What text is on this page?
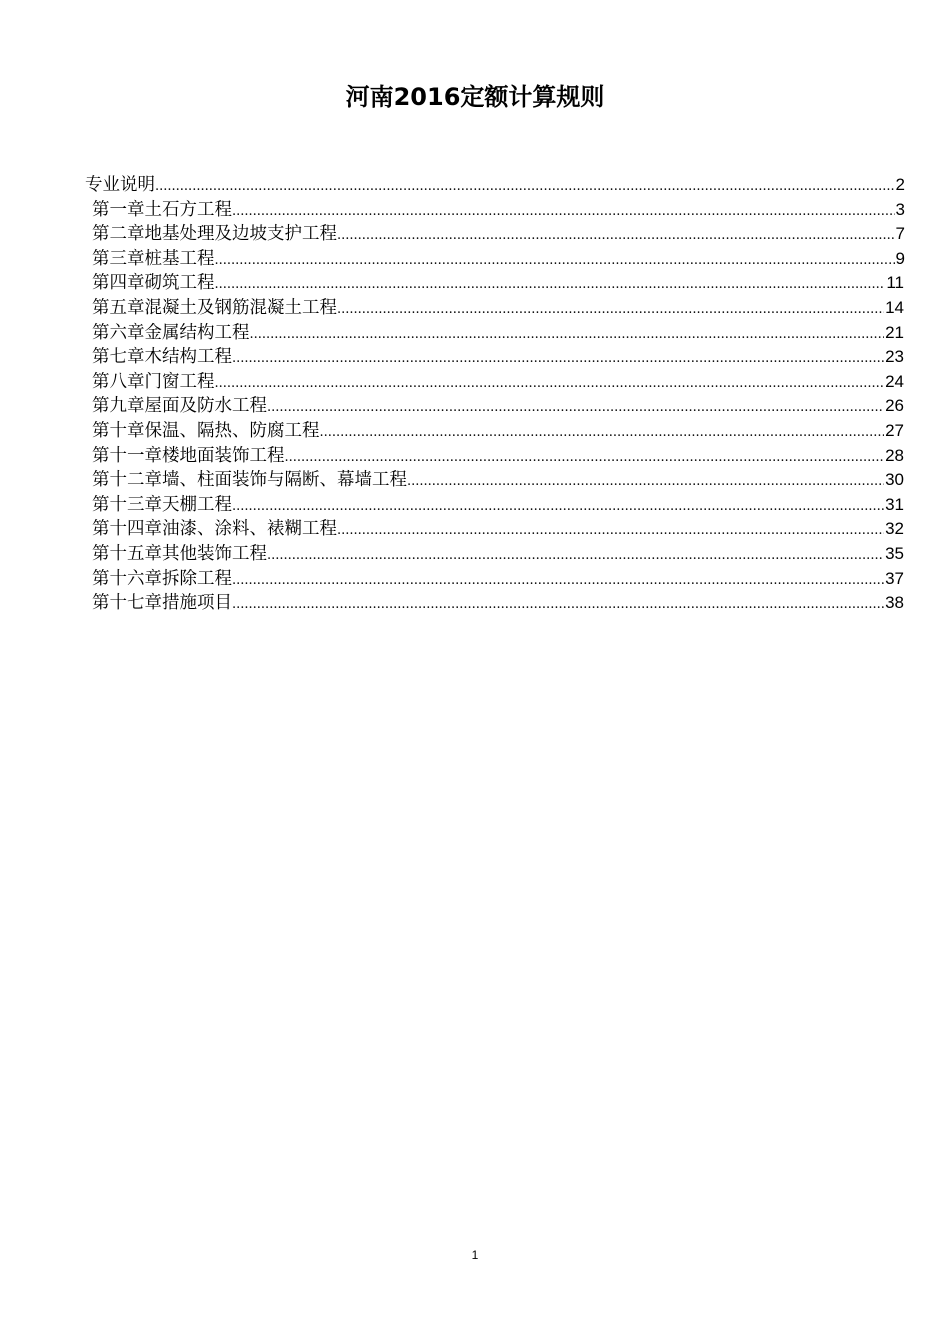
河南2016定额计算规则
专业说明 .....	2
第一章土石方工程 .....	3
第二章地基处理及边坡支护工程 .....	7
第三章桩基工程 .....	9
第四章砌筑工程 .....	11
第五章混凝土及钢筋混凝土工程 .....	14
第六章金属结构工程 .....	21
第七章木结构工程 .....	23
第八章门窗工程 .....	24
第九章屋面及防水工程 .....	26
第十章保温、隔热、防腐工程 .....	27
第十一章楼地面装饰工程 .....	28
第十二章墙、柱面装饰与隔断、幕墙工程 .....	30
第十三章天棚工程 .....	31
第十四章油漆、涂料、裱糊工程 .....	32
第十五章其他装饰工程 .....	35
第十六章拆除工程 .....	37
第十七章措施项目 .....	38
1
